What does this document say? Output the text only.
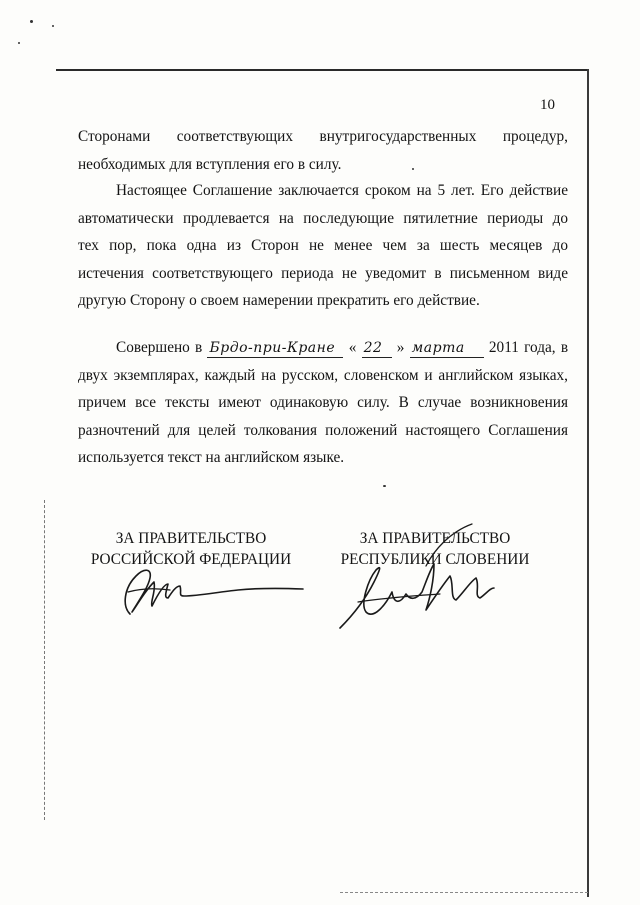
10
Сторонами соответствующих внутригосударственных процедур,
необходимых для вступления его в силу.
Настоящее Соглашение заключается сроком на 5 лет. Его действие
автоматически продлевается на последующие пятилетние периоды до
тех пор, пока одна из Сторон не менее чем за шесть месяцев до
истечения соответствующего периода не уведомит в письменном виде
другую Сторону о своем намерении прекратить его действие.
Совершено в Брдо-при-Кране « 22 » марта 2011 года, в
двух экземплярах, каждый на русском, словенском и английском языках,
причем все тексты имеют одинаковую силу. В случае возникновения
разночтений для целей толкования положений настоящего Соглашения
используется текст на английском языке.
ЗА ПРАВИТЕЛЬСТВО
РОССИЙСКОЙ ФЕДЕРАЦИИ
ЗА ПРАВИТЕЛЬСТВО
РЕСПУБЛИКИ СЛОВЕНИИ
